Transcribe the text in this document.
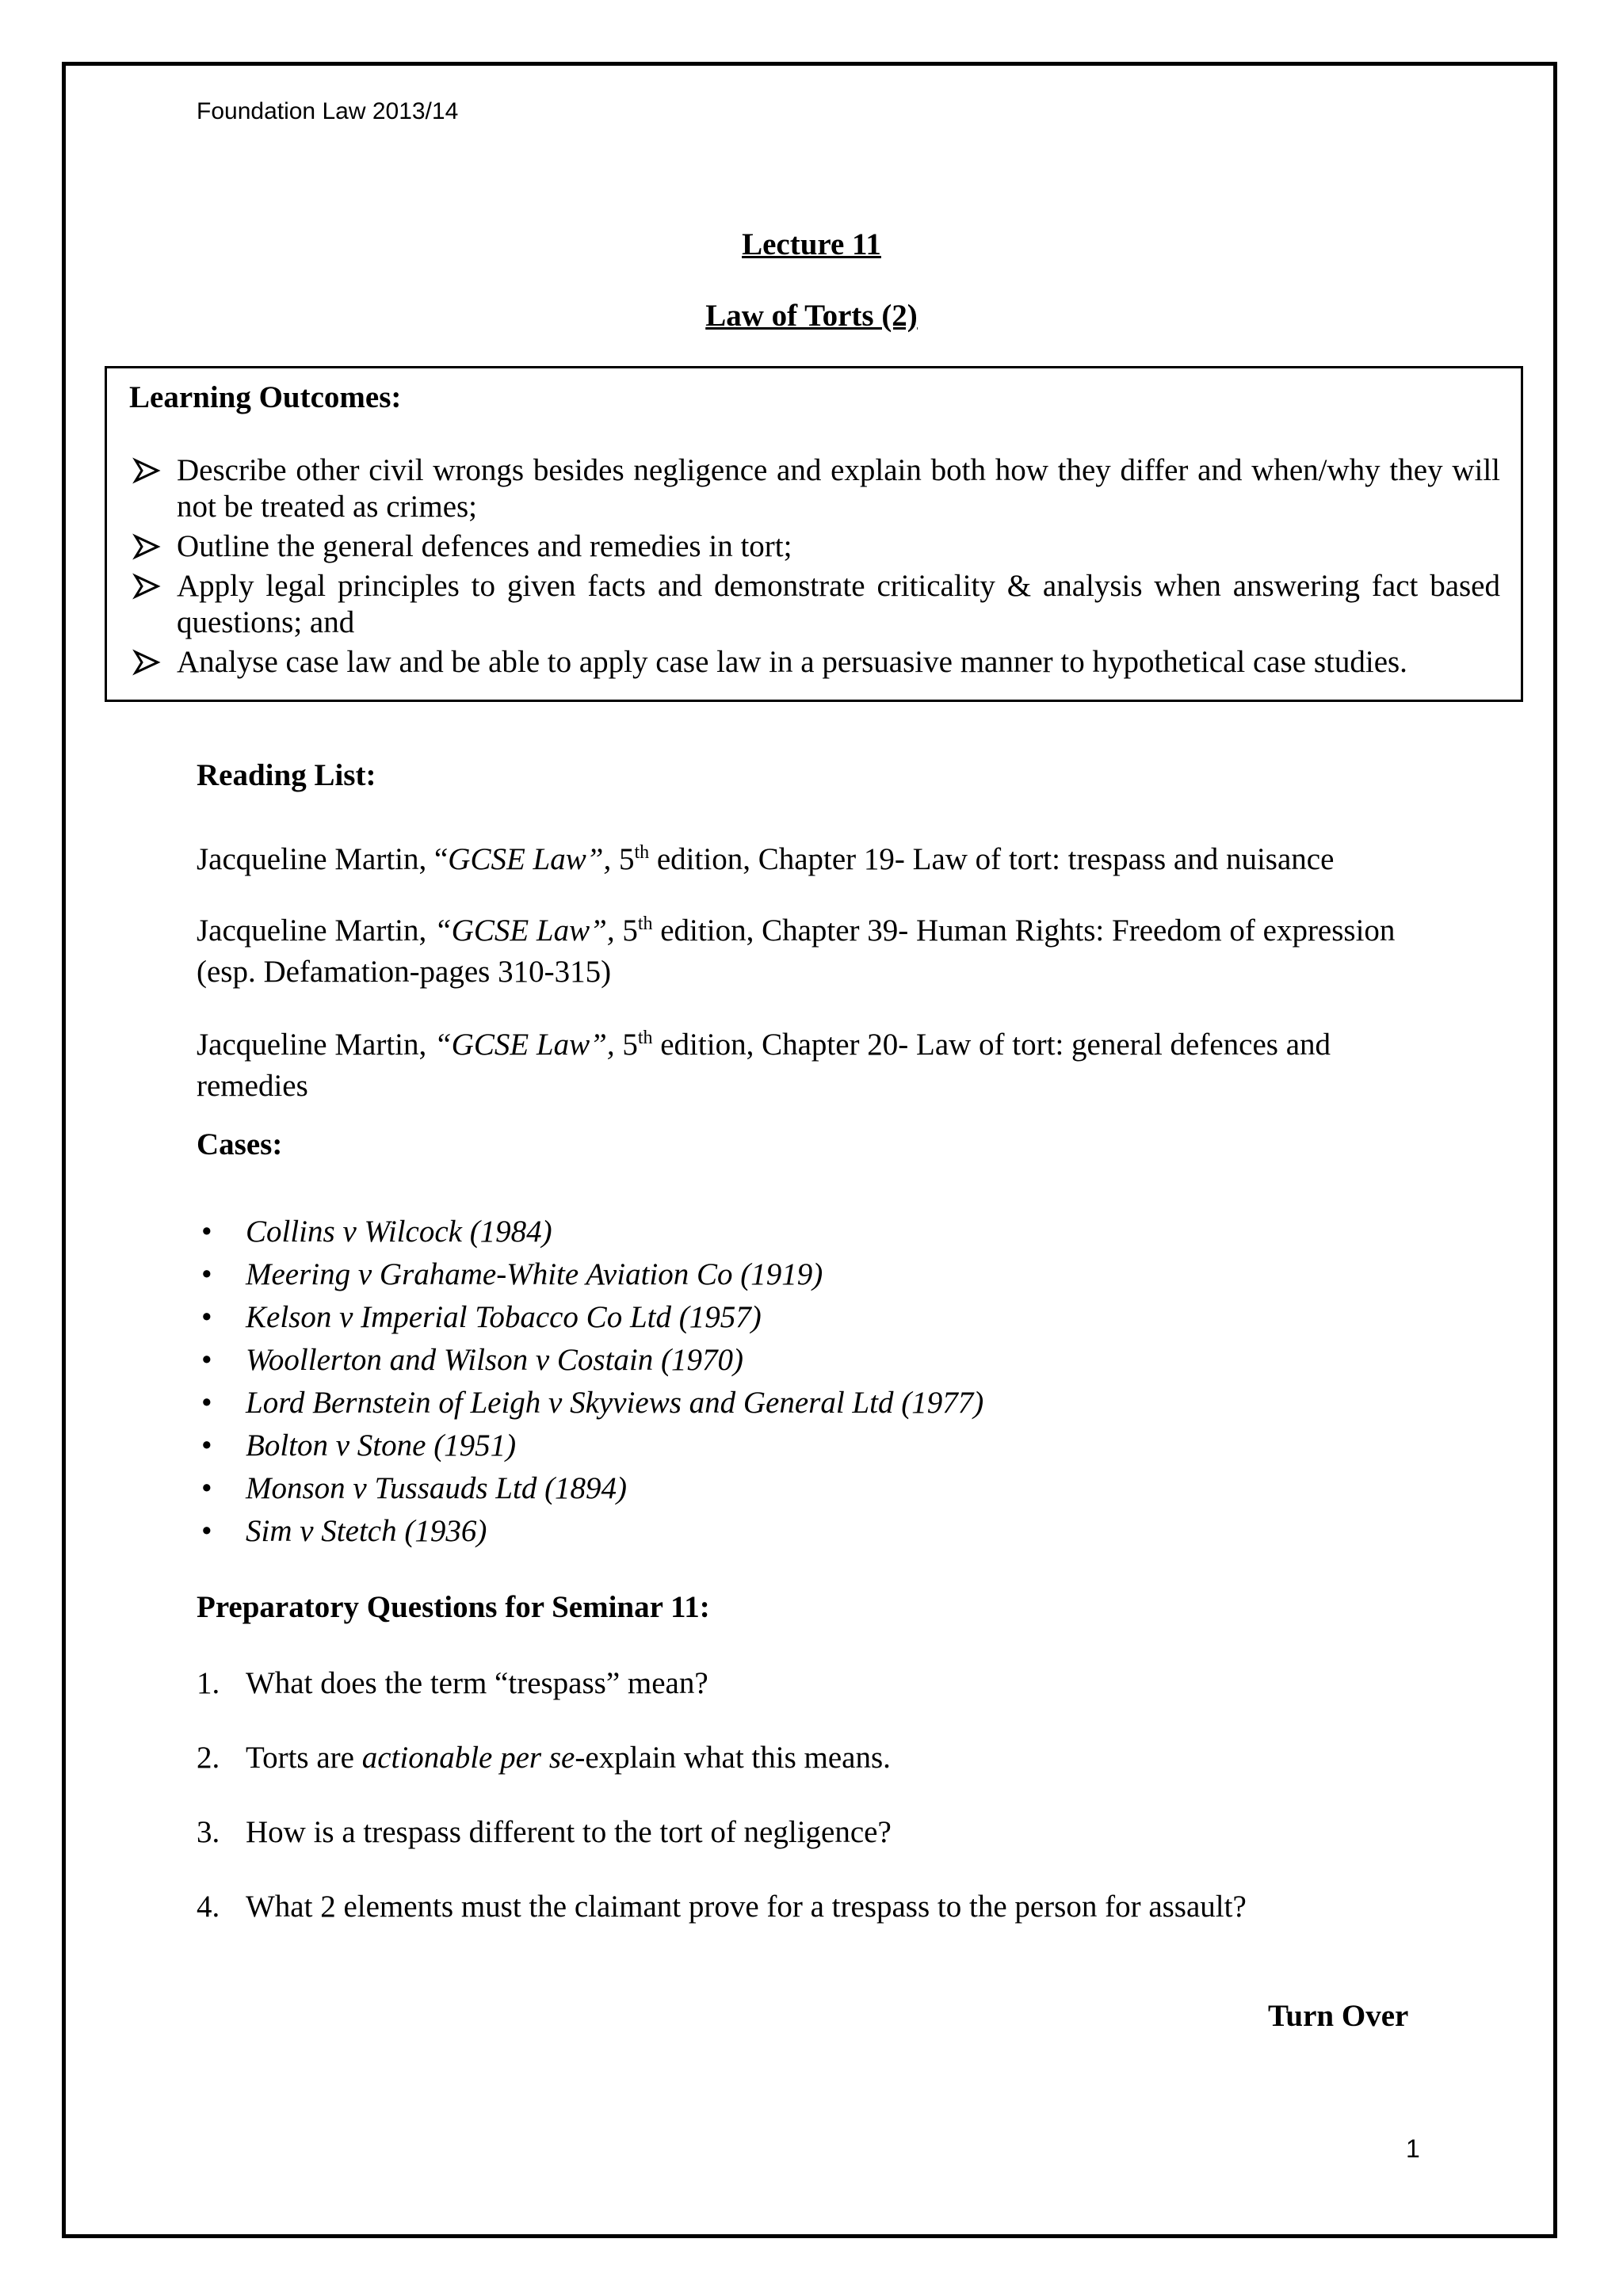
Foundation Law 2013/14
Lecture 11
Law of Torts (2)
Learning Outcomes:
Describe other civil wrongs besides negligence and explain both how they differ and when/why they will not be treated as crimes;
Outline the general defences and remedies in tort;
Apply legal principles to given facts and demonstrate criticality & analysis when answering fact based questions; and
Analyse case law and be able to apply case law in a persuasive manner to hypothetical case studies.
Reading List:
Jacqueline Martin, “GCSE Law”, 5th edition, Chapter 19- Law of tort: trespass and nuisance
Jacqueline Martin, “GCSE Law”, 5th edition, Chapter 39- Human Rights: Freedom of expression (esp. Defamation-pages 310-315)
Jacqueline Martin, “GCSE Law”, 5th edition, Chapter 20- Law of tort: general defences and remedies
Cases:
• Collins v Wilcock (1984)
• Meering v Grahame-White Aviation Co (1919)
• Kelson v Imperial Tobacco Co Ltd (1957)
• Woollerton and Wilson v Costain (1970)
• Lord Bernstein of Leigh v Skyviews and General Ltd (1977)
• Bolton v Stone (1951)
• Monson v Tussauds Ltd (1894)
• Sim v Stetch (1936)
Preparatory Questions for Seminar 11:
1. What does the term “trespass” mean?
2. Torts are actionable per se-explain what this means.
3. How is a trespass different to the tort of negligence?
4. What 2 elements must the claimant prove for a trespass to the person for assault?
Turn Over
1
